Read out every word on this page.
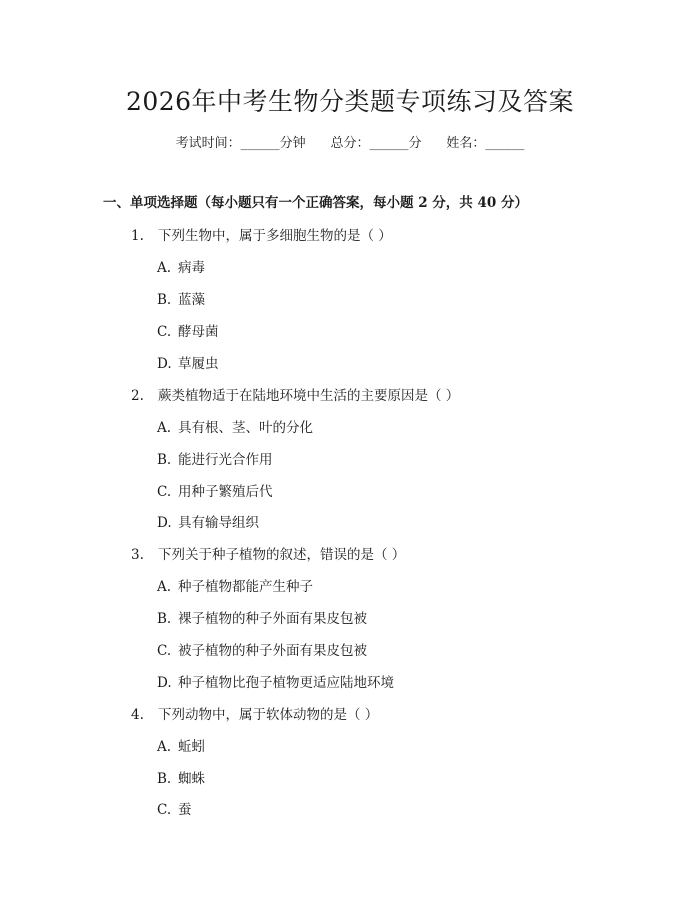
2026年中考生物分类题专项练习及答案
考试时间：______分钟 总分：______分 姓名：______
一、单项选择题（每小题只有一个正确答案，每小题 2 分，共 40 分）
1. 下列生物中，属于多细胞生物的是（ ）
A. 病毒
B. 蓝藻
C. 酵母菌
D. 草履虫
2. 蕨类植物适于在陆地环境中生活的主要原因是（ ）
A. 具有根、茎、叶的分化
B. 能进行光合作用
C. 用种子繁殖后代
D. 具有输导组织
3. 下列关于种子植物的叙述，错误的是（ ）
A. 种子植物都能产生种子
B. 裸子植物的种子外面有果皮包被
C. 被子植物的种子外面有果皮包被
D. 种子植物比孢子植物更适应陆地环境
4. 下列动物中，属于软体动物的是（ ）
A. 蚯蚓
B. 蜘蛛
C. 蚕
